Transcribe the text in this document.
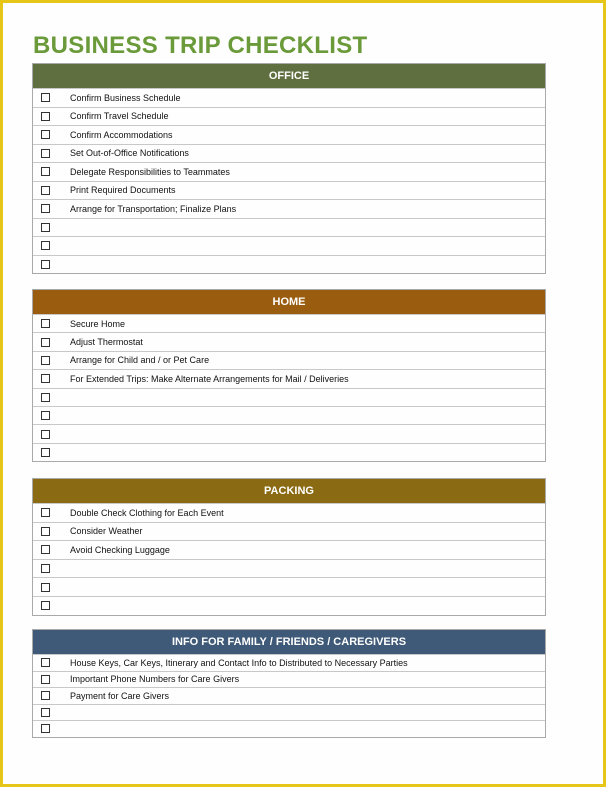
BUSINESS TRIP CHECKLIST
OFFICE
Confirm Business Schedule
Confirm Travel Schedule
Confirm Accommodations
Set Out-of-Office Notifications
Delegate Responsibilities to Teammates
Print Required Documents
Arrange for Transportation; Finalize Plans
HOME
Secure Home
Adjust Thermostat
Arrange for Child and / or Pet Care
For Extended Trips: Make Alternate Arrangements for Mail / Deliveries
PACKING
Double Check Clothing for Each Event
Consider Weather
Avoid Checking Luggage
INFO FOR FAMILY / FRIENDS / CAREGIVERS
House Keys, Car Keys, Itinerary and Contact Info to Distributed to Necessary Parties
Important Phone Numbers for Care Givers
Payment for Care Givers
